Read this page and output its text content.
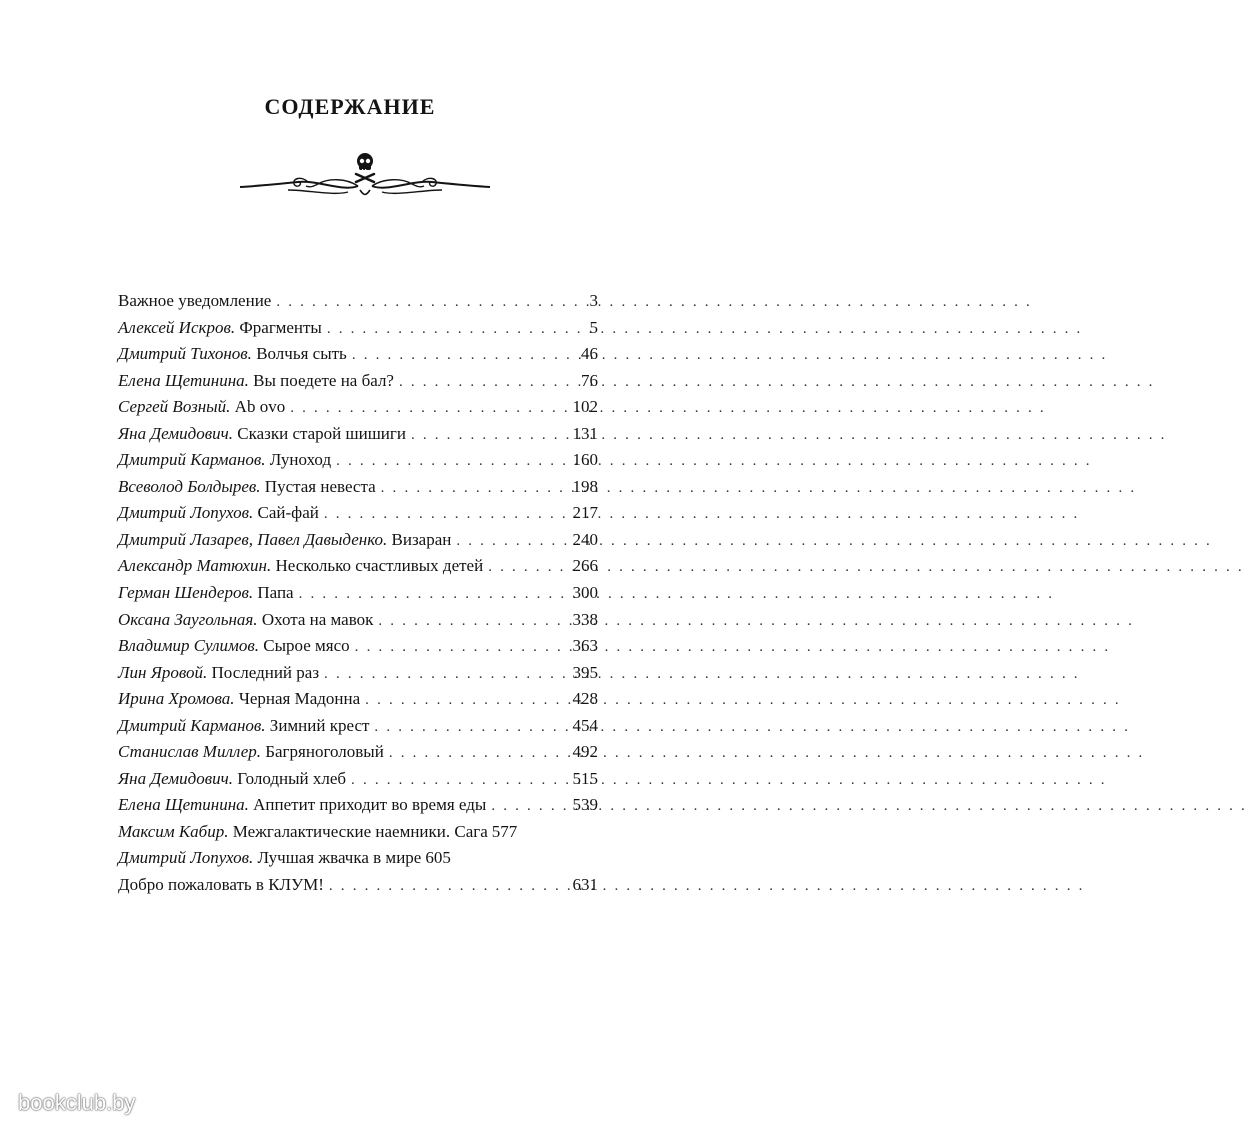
СОДЕРЖАНИЕ
Важное уведомление . . .	3
Алексей Искров. Фрагменты . . .	5
Дмитрий Тихонов. Волчья сыть . . .	46
Елена Щетинина. Вы поедете на бал? . . .	76
Сергей Возный. Ab ovo . . .	102
Яна Демидович. Сказки старой шишиги . . .	131
Дмитрий Карманов. Луноход . . .	160
Всеволод Болдырев. Пустая невеста . . .	198
Дмитрий Лопухов. Сай-фай . . .	217
Дмитрий Лазарев, Павел Давыденко. Визаран . . .	240
Александр Матюхин. Несколько счастливых детей . . .	266
Герман Шендеров. Папа . . .	300
Оксана Заугольная. Охота на мавок . . .	338
Владимир Сулимов. Сырое мясо . . .	363
Лин Яровой. Последний раз . . .	395
Ирина Хромова. Черная Мадонна . . .	428
Дмитрий Карманов. Зимний крест . . .	454
Станислав Миллер. Багряноголовый . . .	492
Яна Демидович. Голодный хлеб . . .	515
Елена Щетинина. Аппетит приходит во время еды . . .	539
Максим Кабир. Межгалактические наемники. Сага 577
Дмитрий Лопухов. Лучшая жвачка в мире 605
Добро пожаловать в КЛУМ! . . .	631
bookclub.by
